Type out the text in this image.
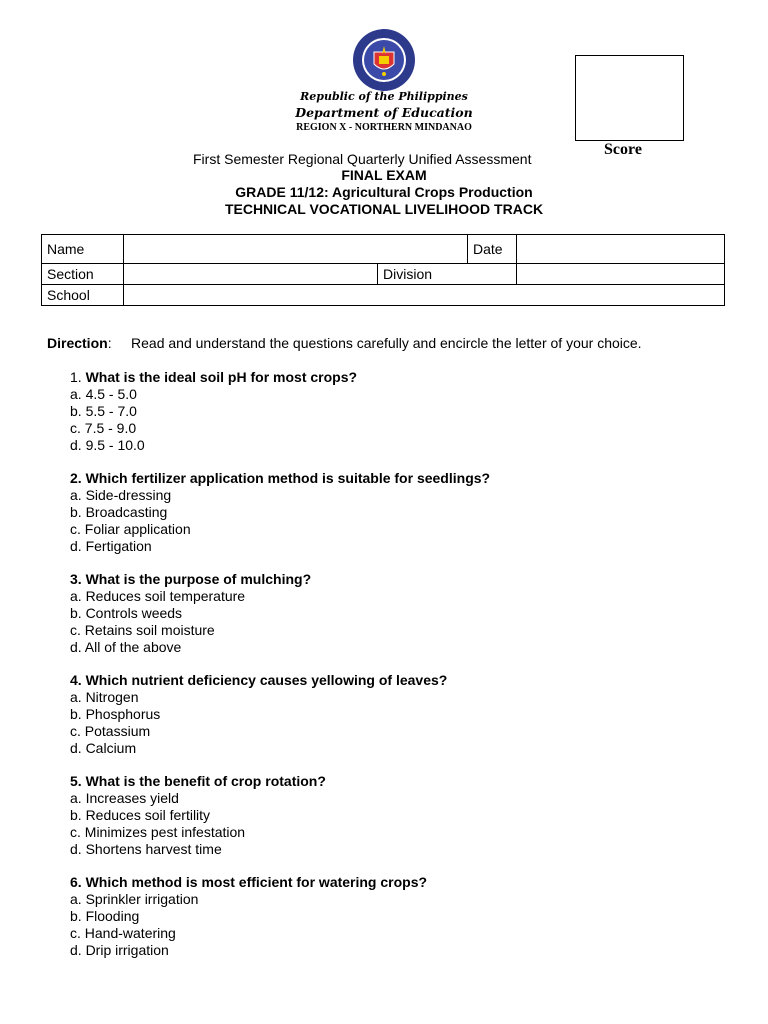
Score
Republic of the Philippines
Department of Education
REGION X - NORTHERN MINDANAO
First Semester Regional Quarterly Unified Assessment
FINAL EXAM
GRADE 11/12: Agricultural Crops Production
TECHNICAL VOCATIONAL LIVELIHOOD TRACK
Name			Date	
Section		Division		
School				
Direction:     Read and understand the questions carefully and encircle the letter of your choice.
1. What is the ideal soil pH for most crops?
a. 4.5 - 5.0
b. 5.5 - 7.0
c. 7.5 - 9.0
d. 9.5 - 10.0
2. Which fertilizer application method is suitable for seedlings?
a. Side-dressing
b. Broadcasting
c. Foliar application
d. Fertigation
3. What is the purpose of mulching?
a. Reduces soil temperature
b. Controls weeds
c. Retains soil moisture
d. All of the above
4. Which nutrient deficiency causes yellowing of leaves?
a. Nitrogen
b. Phosphorus
c. Potassium
d. Calcium
5. What is the benefit of crop rotation?
a. Increases yield
b. Reduces soil fertility
c. Minimizes pest infestation
d. Shortens harvest time
6. Which method is most efficient for watering crops?
a. Sprinkler irrigation
b. Flooding
c. Hand-watering
d. Drip irrigation
